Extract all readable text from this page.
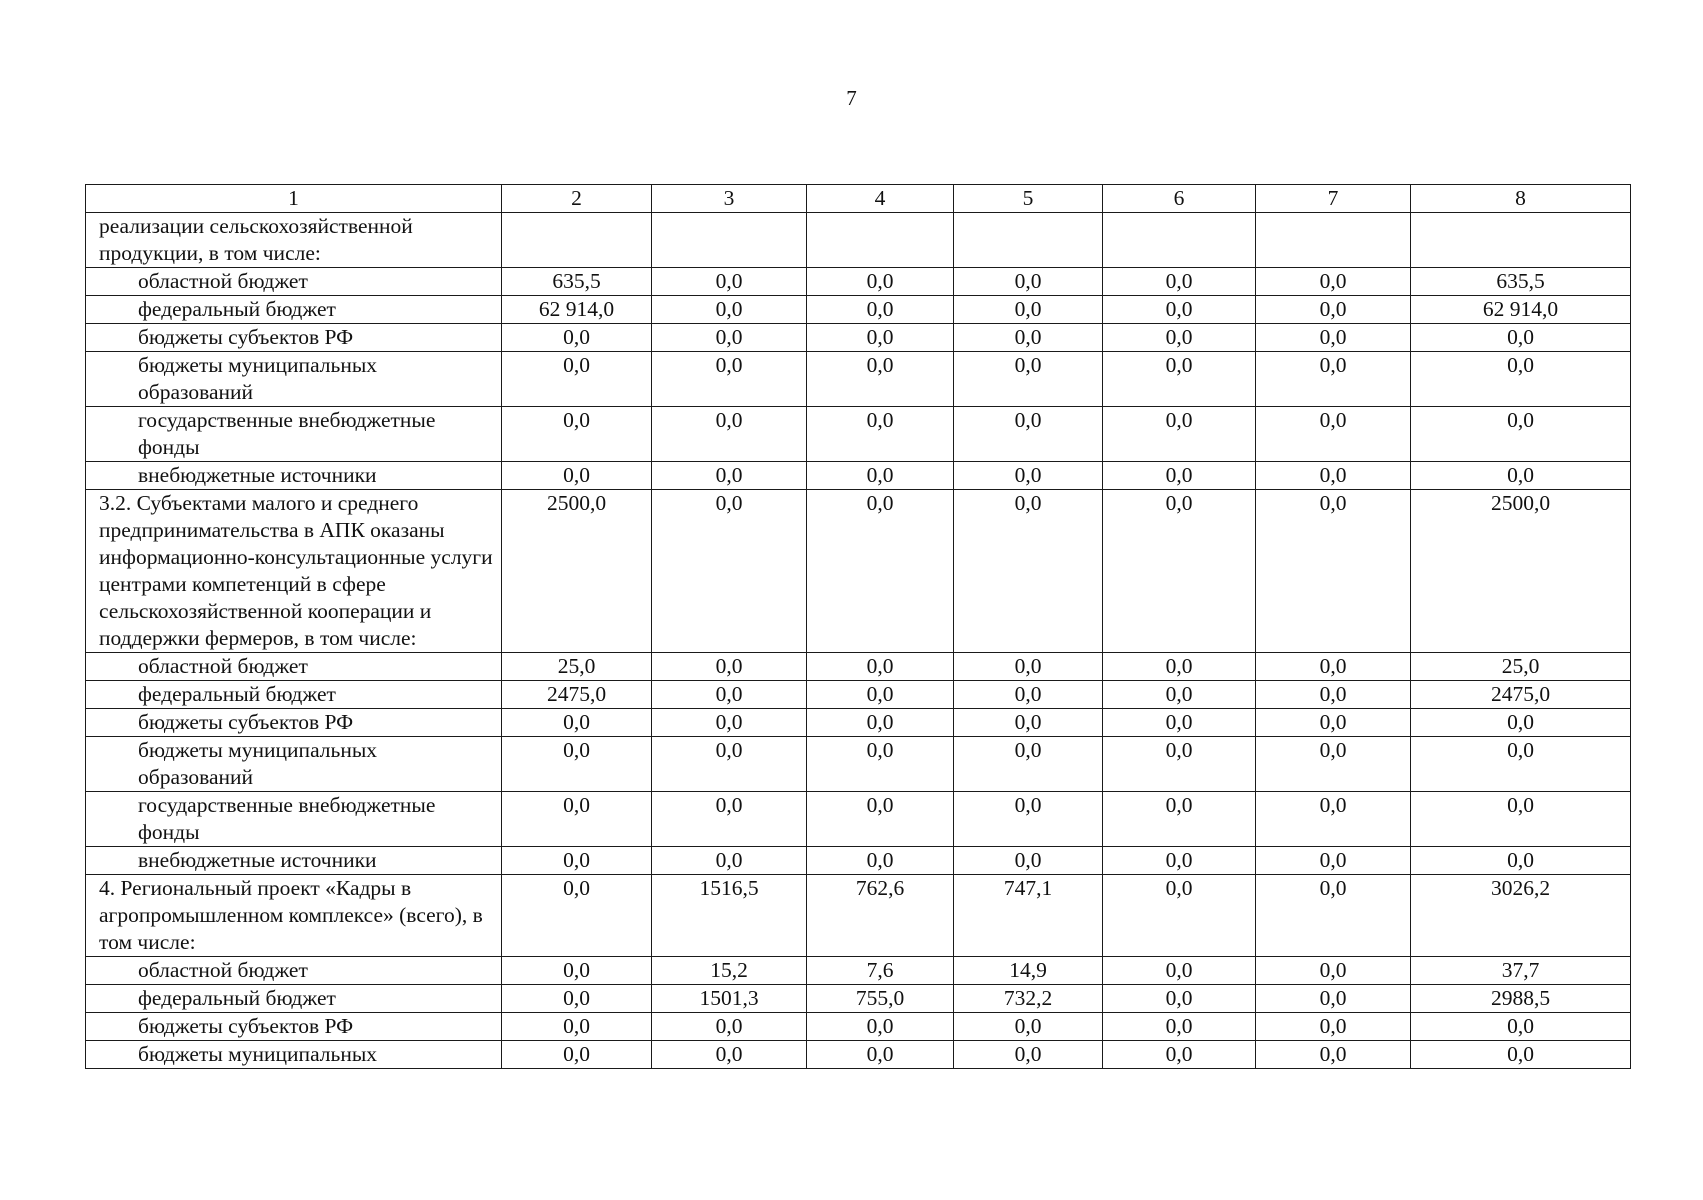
7
1	2	3	4	5	6	7	8
реализации сельскохозяйственной продукции, в том числе:							
областной бюджет	635,5	0,0	0,0	0,0	0,0	0,0	635,5
федеральный бюджет	62 914,0	0,0	0,0	0,0	0,0	0,0	62 914,0
бюджеты субъектов РФ	0,0	0,0	0,0	0,0	0,0	0,0	0,0
бюджеты муниципальных образований	0,0	0,0	0,0	0,0	0,0	0,0	0,0
государственные внебюджетные фонды	0,0	0,0	0,0	0,0	0,0	0,0	0,0
внебюджетные источники	0,0	0,0	0,0	0,0	0,0	0,0	0,0
3.2. Субъектами малого и среднего предпринимательства в АПК оказаны информационно-консультационные услуги центрами компетенций в сфере сельскохозяйственной кооперации и поддержки фермеров, в том числе:	2500,0	0,0	0,0	0,0	0,0	0,0	2500,0
областной бюджет	25,0	0,0	0,0	0,0	0,0	0,0	25,0
федеральный бюджет	2475,0	0,0	0,0	0,0	0,0	0,0	2475,0
бюджеты субъектов РФ	0,0	0,0	0,0	0,0	0,0	0,0	0,0
бюджеты муниципальных образований	0,0	0,0	0,0	0,0	0,0	0,0	0,0
государственные внебюджетные фонды	0,0	0,0	0,0	0,0	0,0	0,0	0,0
внебюджетные источники	0,0	0,0	0,0	0,0	0,0	0,0	0,0
4. Региональный проект «Кадры в агропромышленном комплексе» (всего), в том числе:	0,0	1516,5	762,6	747,1	0,0	0,0	3026,2
областной бюджет	0,0	15,2	7,6	14,9	0,0	0,0	37,7
федеральный бюджет	0,0	1501,3	755,0	732,2	0,0	0,0	2988,5
бюджеты субъектов РФ	0,0	0,0	0,0	0,0	0,0	0,0	0,0
бюджеты муниципальных	0,0	0,0	0,0	0,0	0,0	0,0	0,0
